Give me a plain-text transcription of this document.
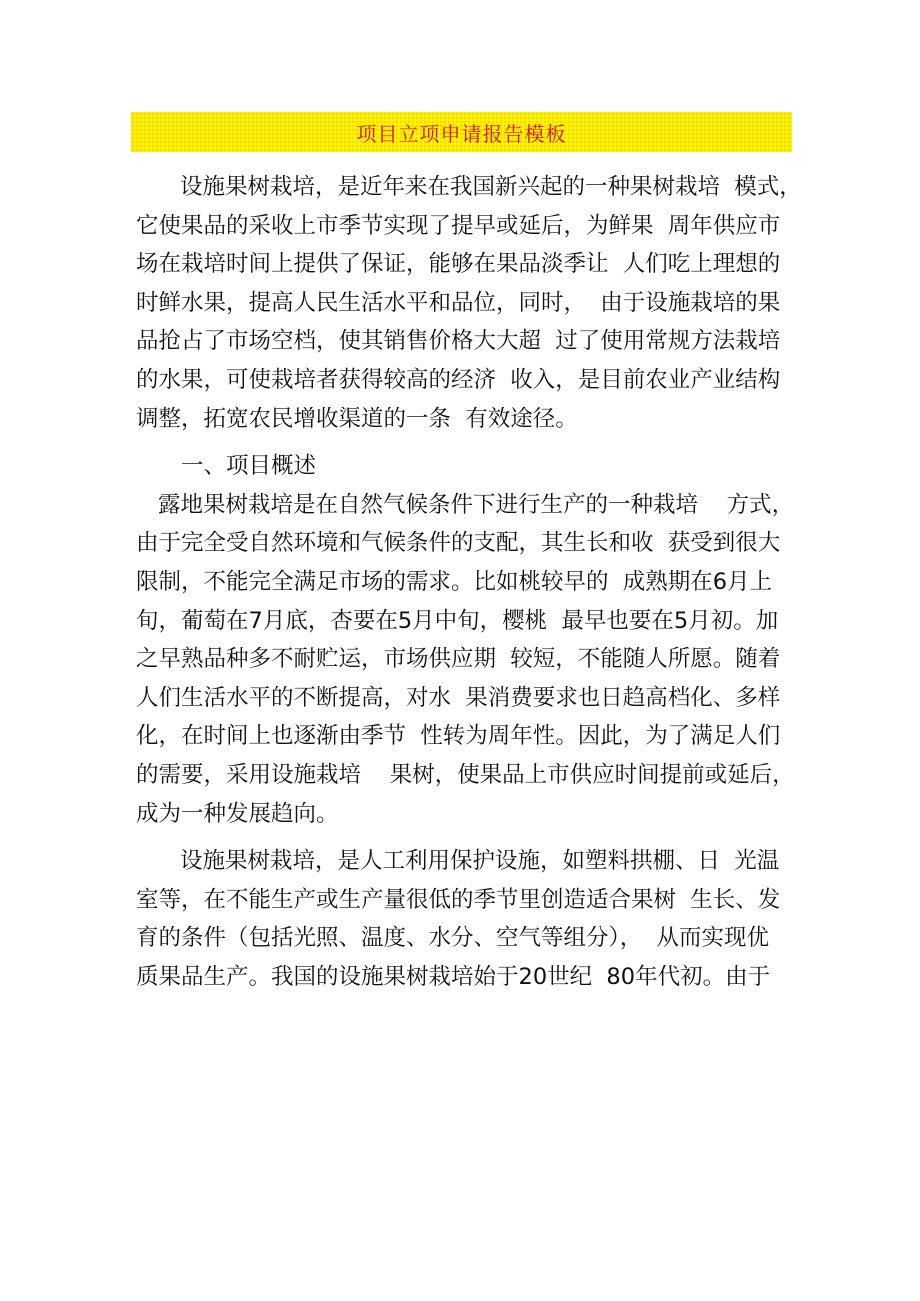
项目立项申请报告模板
设施果树栽培，是近年来在我国新兴起的一种果树栽培  模式，
它使果品的采收上市季节实现了提早或延后，为鲜果  周年供应市
场在栽培时间上提供了保证，能够在果品淡季让  人们吃上理想的
时鲜水果，提高人民生活水平和品位，同时，  由于设施栽培的果
品抢占了市场空档，使其销售价格大大超  过了使用常规方法栽培
的水果，可使栽培者获得较高的经济  收入，是目前农业产业结构
调整，拓宽农民增收渠道的一条  有效途径。
一、项目概述
露地果树栽培是在自然气候条件下进行生产的一种栽培    方式，
由于完全受自然环境和气候条件的支配，其生长和收  获受到很大
限制，不能完全满足市场的需求。比如桃较早的  成熟期在6月上
旬，葡萄在7月底，杏要在5月中旬，樱桃  最早也要在5月初。加
之早熟品种多不耐贮运，市场供应期  较短，不能随人所愿。随着
人们生活水平的不断提高，对水  果消费要求也日趋高档化、多样
化，在时间上也逐渐由季节  性转为周年性。因此，为了满足人们
的需要，采用设施栽培    果树，使果品上市供应时间提前或延后，
成为一种发展趋向。
设施果树栽培，是人工利用保护设施，如塑料拱棚、日  光温
室等，在不能生产或生产量很低的季节里创造适合果树  生长、发
育的条件（包括光照、温度、水分、空气等组分），  从而实现优
质果品生产。我国的设施果树栽培始于20世纪  80年代初。由于
